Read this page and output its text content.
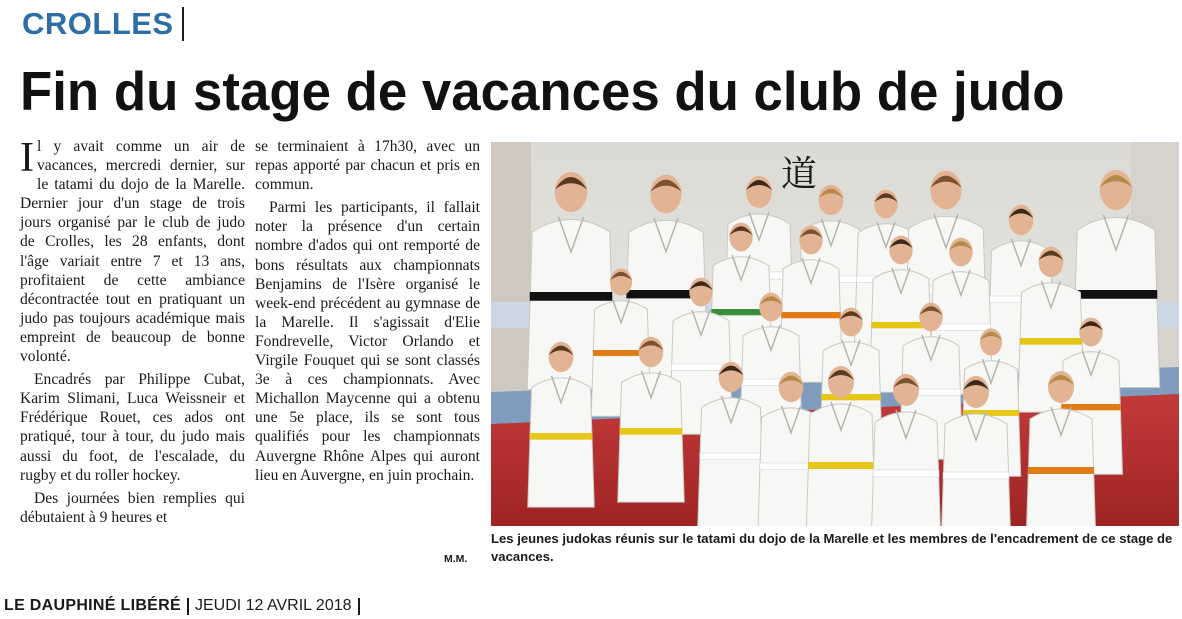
CROLLES
Fin du stage de vacances du club de judo

Il y avait comme un air de vacances, mercredi dernier, sur le tatami du dojo de la Marelle. Dernier jour d'un stage de trois jours organisé par le club de judo de Crolles, les 28 enfants, dont l'âge variait entre 7 et 13 ans, profitaient de cette ambiance décontractée tout en pratiquant un judo pas toujours académique mais empreint de beaucoup de bonne volonté.

Encadrés par Philippe Cubat, Karim Slimani, Luca Weissneir et Frédérique Rouet, ces ados ont pratiqué, tour à tour, du judo mais aussi du foot, de l'escalade, du rugby et du roller hockey.

Des journées bien remplies qui débutaient à 9 heures et

se terminaient à 17h30, avec un repas apporté par chacun et pris en commun.

Parmi les participants, il fallait noter la présence d'un certain nombre d'ados qui ont remporté de bons résultats aux championnats Benjamins de l'Isère organisé le week-end précédent au gymnase de la Marelle. Il s'agissait d'Elie Fondrevelle, Victor Orlando et Virgile Fouquet qui se sont classés 3e à ces championnats. Avec Michallon Maycenne qui a obtenu une 5e place, ils se sont tous qualifiés pour les championnats Auvergne Rhône Alpes qui auront lieu en Auvergne, en juin prochain.

M.M.
道
Les jeunes judokas réunis sur le tatami du dojo de la Marelle et les membres de l'encadrement de ce stage de vacances.
LE DAUPHINÉ LIBÉRÉ JEUDI 12 AVRIL 2018
